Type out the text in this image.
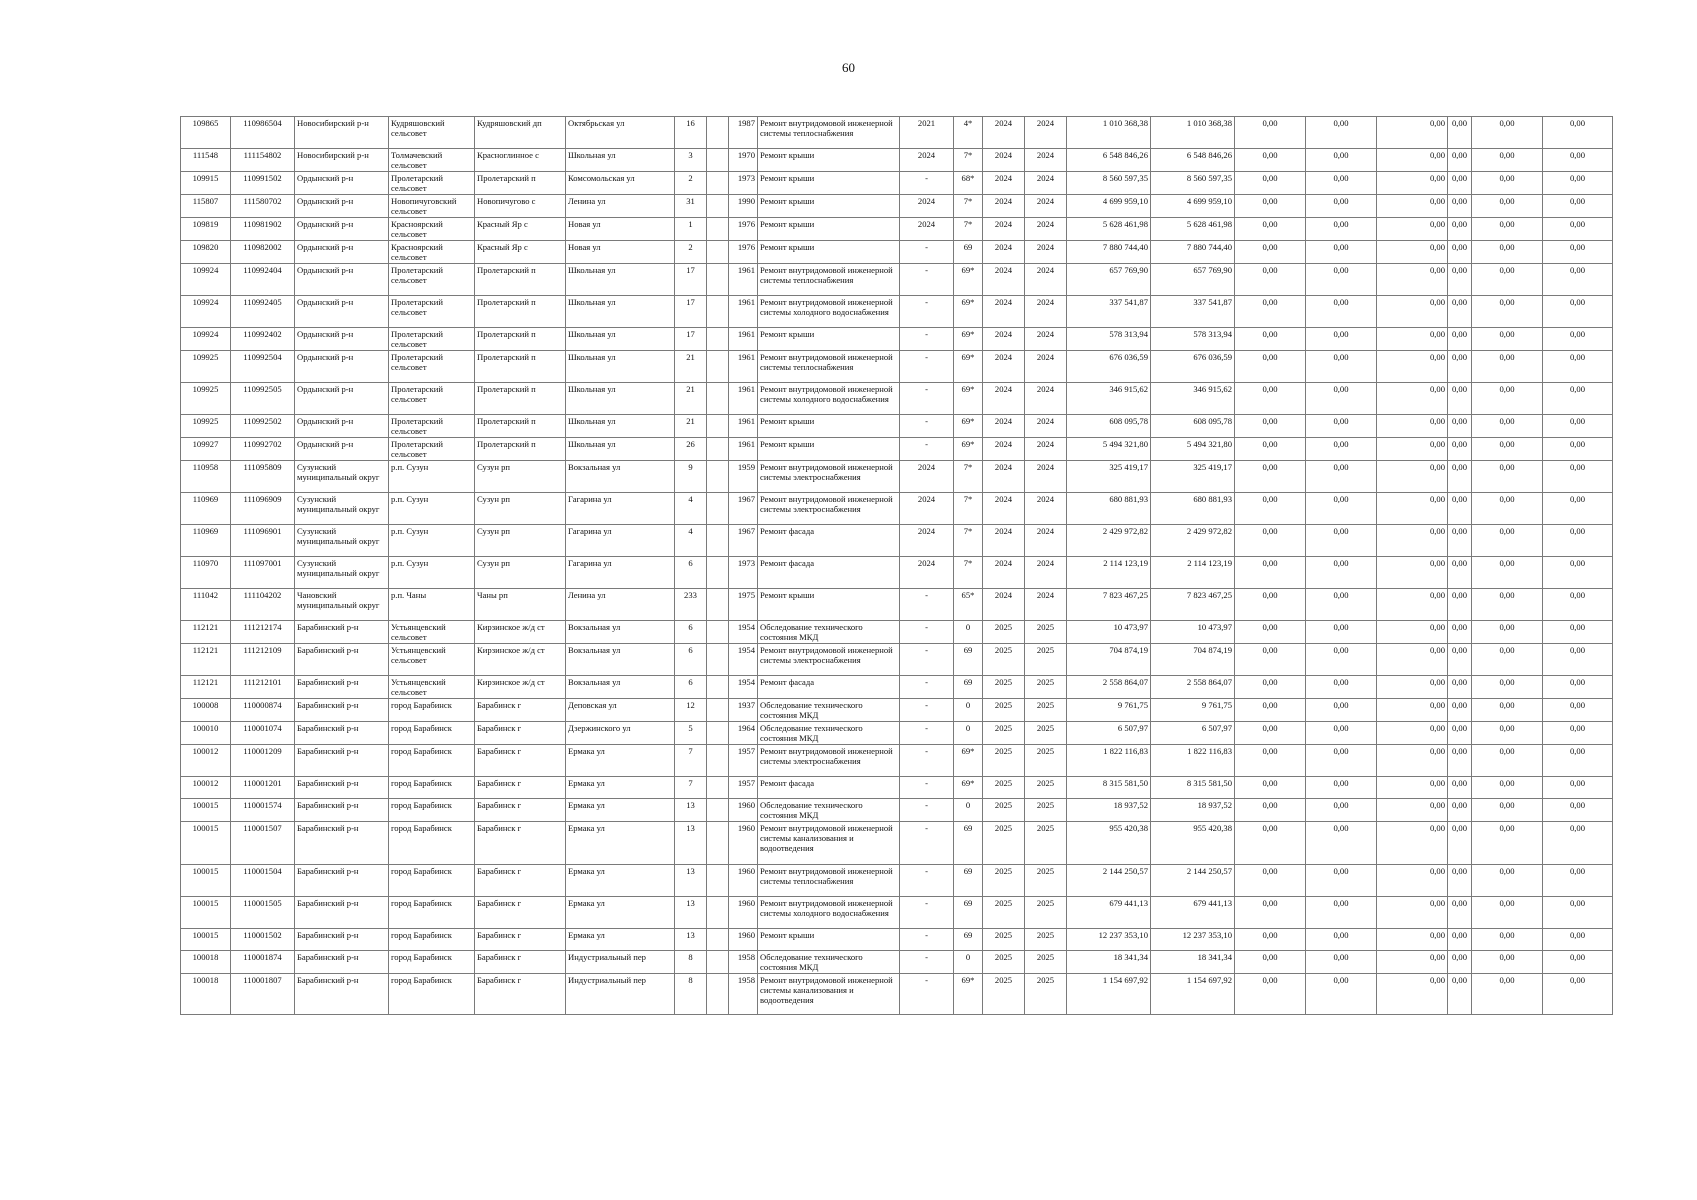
60
109865	110986504	Новосибирский р-н	Кудряшовский сельсовет	Кудряшовский дп	Октябрьская ул	16		1987	Ремонт внутридомовой инженерной системы теплоснабжения	2021	4*	2024	2024	1 010 368,38	1 010 368,38	0,00	0,00	0,00	0,00	0,00	0,00
111548	111154802	Новосибирский р-н	Толмачевский сельсовет	Красноглинное с	Школьная ул	3		1970	Ремонт крыши	2024	7*	2024	2024	6 548 846,26	6 548 846,26	0,00	0,00	0,00	0,00	0,00	0,00
109915	110991502	Ордынский р-н	Пролетарский сельсовет	Пролетарский п	Комсомольская ул	2		1973	Ремонт крыши	-	68*	2024	2024	8 560 597,35	8 560 597,35	0,00	0,00	0,00	0,00	0,00	0,00
115807	111580702	Ордынский р-н	Новопичуговский сельсовет	Новопичугово с	Ленина ул	31		1990	Ремонт крыши	2024	7*	2024	2024	4 699 959,10	4 699 959,10	0,00	0,00	0,00	0,00	0,00	0,00
109819	110981902	Ордынский р-н	Красноярский сельсовет	Красный Яр с	Новая ул	1		1976	Ремонт крыши	2024	7*	2024	2024	5 628 461,98	5 628 461,98	0,00	0,00	0,00	0,00	0,00	0,00
109820	110982002	Ордынский р-н	Красноярский сельсовет	Красный Яр с	Новая ул	2		1976	Ремонт крыши	-	69	2024	2024	7 880 744,40	7 880 744,40	0,00	0,00	0,00	0,00	0,00	0,00
109924	110992404	Ордынский р-н	Пролетарский сельсовет	Пролетарский п	Школьная ул	17		1961	Ремонт внутридомовой инженерной системы теплоснабжения	-	69*	2024	2024	657 769,90	657 769,90	0,00	0,00	0,00	0,00	0,00	0,00
109924	110992405	Ордынский р-н	Пролетарский сельсовет	Пролетарский п	Школьная ул	17		1961	Ремонт внутридомовой инженерной системы холодного водоснабжения	-	69*	2024	2024	337 541,87	337 541,87	0,00	0,00	0,00	0,00	0,00	0,00
109924	110992402	Ордынский р-н	Пролетарский сельсовет	Пролетарский п	Школьная ул	17		1961	Ремонт крыши	-	69*	2024	2024	578 313,94	578 313,94	0,00	0,00	0,00	0,00	0,00	0,00
109925	110992504	Ордынский р-н	Пролетарский сельсовет	Пролетарский п	Школьная ул	21		1961	Ремонт внутридомовой инженерной системы теплоснабжения	-	69*	2024	2024	676 036,59	676 036,59	0,00	0,00	0,00	0,00	0,00	0,00
109925	110992505	Ордынский р-н	Пролетарский сельсовет	Пролетарский п	Школьная ул	21		1961	Ремонт внутридомовой инженерной системы холодного водоснабжения	-	69*	2024	2024	346 915,62	346 915,62	0,00	0,00	0,00	0,00	0,00	0,00
109925	110992502	Ордынский р-н	Пролетарский сельсовет	Пролетарский п	Школьная ул	21		1961	Ремонт крыши	-	69*	2024	2024	608 095,78	608 095,78	0,00	0,00	0,00	0,00	0,00	0,00
109927	110992702	Ордынский р-н	Пролетарский сельсовет	Пролетарский п	Школьная ул	26		1961	Ремонт крыши	-	69*	2024	2024	5 494 321,80	5 494 321,80	0,00	0,00	0,00	0,00	0,00	0,00
110958	111095809	Сузунский муниципальный округ	р.п. Сузун	Сузун рп	Вокзальная ул	9		1959	Ремонт внутридомовой инженерной системы электроснабжения	2024	7*	2024	2024	325 419,17	325 419,17	0,00	0,00	0,00	0,00	0,00	0,00
110969	111096909	Сузунский муниципальный округ	р.п. Сузун	Сузун рп	Гагарина ул	4		1967	Ремонт внутридомовой инженерной системы электроснабжения	2024	7*	2024	2024	680 881,93	680 881,93	0,00	0,00	0,00	0,00	0,00	0,00
110969	111096901	Сузунский муниципальный округ	р.п. Сузун	Сузун рп	Гагарина ул	4		1967	Ремонт фасада	2024	7*	2024	2024	2 429 972,82	2 429 972,82	0,00	0,00	0,00	0,00	0,00	0,00
110970	111097001	Сузунский муниципальный округ	р.п. Сузун	Сузун рп	Гагарина ул	6		1973	Ремонт фасада	2024	7*	2024	2024	2 114 123,19	2 114 123,19	0,00	0,00	0,00	0,00	0,00	0,00
111042	111104202	Чановский муниципальный округ	р.п. Чаны	Чаны рп	Ленина ул	233		1975	Ремонт крыши	-	65*	2024	2024	7 823 467,25	7 823 467,25	0,00	0,00	0,00	0,00	0,00	0,00
112121	111212174	Барабинский р-н	Устьянцевский сельсовет	Кирзинское ж/д ст	Вокзальная ул	6		1954	Обследование технического состояния МКД	-	0	2025	2025	10 473,97	10 473,97	0,00	0,00	0,00	0,00	0,00	0,00
112121	111212109	Барабинский р-н	Устьянцевский сельсовет	Кирзинское ж/д ст	Вокзальная ул	6		1954	Ремонт внутридомовой инженерной системы электроснабжения	-	69	2025	2025	704 874,19	704 874,19	0,00	0,00	0,00	0,00	0,00	0,00
112121	111212101	Барабинский р-н	Устьянцевский сельсовет	Кирзинское ж/д ст	Вокзальная ул	6		1954	Ремонт фасада	-	69	2025	2025	2 558 864,07	2 558 864,07	0,00	0,00	0,00	0,00	0,00	0,00
100008	110000874	Барабинский р-н	город Барабинск	Барабинск г	Деповская ул	12		1937	Обследование технического состояния МКД	-	0	2025	2025	9 761,75	9 761,75	0,00	0,00	0,00	0,00	0,00	0,00
100010	110001074	Барабинский р-н	город Барабинск	Барабинск г	Дзержинского ул	5		1964	Обследование технического состояния МКД	-	0	2025	2025	6 507,97	6 507,97	0,00	0,00	0,00	0,00	0,00	0,00
100012	110001209	Барабинский р-н	город Барабинск	Барабинск г	Ермака ул	7		1957	Ремонт внутридомовой инженерной системы электроснабжения	-	69*	2025	2025	1 822 116,83	1 822 116,83	0,00	0,00	0,00	0,00	0,00	0,00
100012	110001201	Барабинский р-н	город Барабинск	Барабинск г	Ермака ул	7		1957	Ремонт фасада	-	69*	2025	2025	8 315 581,50	8 315 581,50	0,00	0,00	0,00	0,00	0,00	0,00
100015	110001574	Барабинский р-н	город Барабинск	Барабинск г	Ермака ул	13		1960	Обследование технического состояния МКД	-	0	2025	2025	18 937,52	18 937,52	0,00	0,00	0,00	0,00	0,00	0,00
100015	110001507	Барабинский р-н	город Барабинск	Барабинск г	Ермака ул	13		1960	Ремонт внутридомовой инженерной системы канализования и водоотведения	-	69	2025	2025	955 420,38	955 420,38	0,00	0,00	0,00	0,00	0,00	0,00
100015	110001504	Барабинский р-н	город Барабинск	Барабинск г	Ермака ул	13		1960	Ремонт внутридомовой инженерной системы теплоснабжения	-	69	2025	2025	2 144 250,57	2 144 250,57	0,00	0,00	0,00	0,00	0,00	0,00
100015	110001505	Барабинский р-н	город Барабинск	Барабинск г	Ермака ул	13		1960	Ремонт внутридомовой инженерной системы холодного водоснабжения	-	69	2025	2025	679 441,13	679 441,13	0,00	0,00	0,00	0,00	0,00	0,00
100015	110001502	Барабинский р-н	город Барабинск	Барабинск г	Ермака ул	13		1960	Ремонт крыши	-	69	2025	2025	12 237 353,10	12 237 353,10	0,00	0,00	0,00	0,00	0,00	0,00
100018	110001874	Барабинский р-н	город Барабинск	Барабинск г	Индустриальный пер	8		1958	Обследование технического состояния МКД	-	0	2025	2025	18 341,34	18 341,34	0,00	0,00	0,00	0,00	0,00	0,00
100018	110001807	Барабинский р-н	город Барабинск	Барабинск г	Индустриальный пер	8		1958	Ремонт внутридомовой инженерной системы канализования и водоотведения	-	69*	2025	2025	1 154 697,92	1 154 697,92	0,00	0,00	0,00	0,00	0,00	0,00
